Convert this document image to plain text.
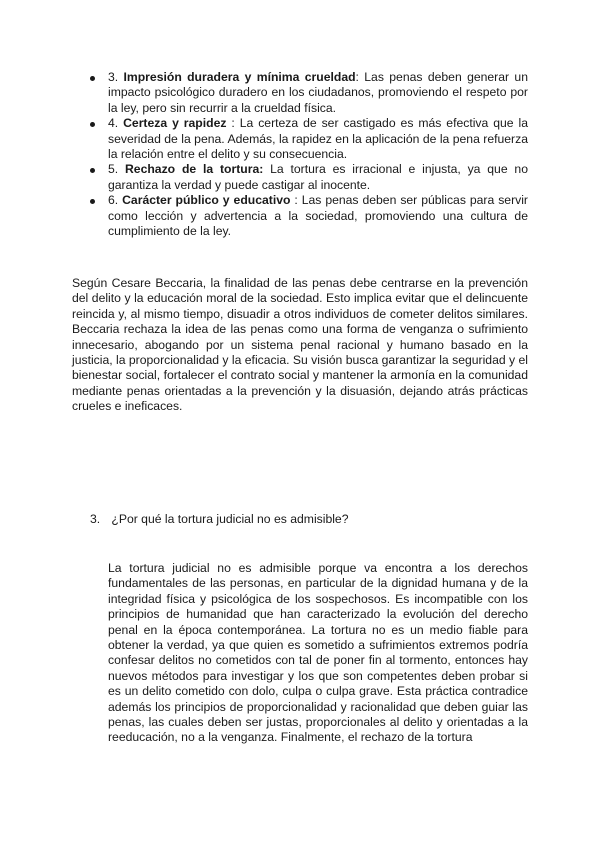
3. Impresión duradera y mínima crueldad: Las penas deben generar un impacto psicológico duradero en los ciudadanos, promoviendo el respeto por la ley, pero sin recurrir a la crueldad física.
4. Certeza y rapidez : La certeza de ser castigado es más efectiva que la severidad de la pena. Además, la rapidez en la aplicación de la pena refuerza la relación entre el delito y su consecuencia.
5. Rechazo de la tortura: La tortura es irracional e injusta, ya que no garantiza la verdad y puede castigar al inocente.
6. Carácter público y educativo : Las penas deben ser públicas para servir como lección y advertencia a la sociedad, promoviendo una cultura de cumplimiento de la ley.

Según Cesare Beccaria, la finalidad de las penas debe centrarse en la prevención del delito y la educación moral de la sociedad. Esto implica evitar que el delincuente reincida y, al mismo tiempo, disuadir a otros individuos de cometer delitos similares. Beccaria rechaza la idea de las penas como una forma de venganza o sufrimiento innecesario, abogando por un sistema penal racional y humano basado en la justicia, la proporcionalidad y la eficacia. Su visión busca garantizar la seguridad y el bienestar social, fortalecer el contrato social y mantener la armonía en la comunidad mediante penas orientadas a la prevención y la disuasión, dejando atrás prácticas crueles e ineficaces.

3. ¿Por qué la tortura judicial no es admisible?

La tortura judicial no es admisible porque va encontra a los derechos fundamentales de las personas, en particular de la dignidad humana y de la integridad física y psicológica de los sospechosos. Es incompatible con los principios de humanidad que han caracterizado la evolución del derecho penal en la época contemporánea. La tortura no es un medio fiable para obtener la verdad, ya que quien es sometido a sufrimientos extremos podría confesar delitos no cometidos con tal de poner fin al tormento, entonces hay nuevos métodos para investigar y los que son competentes deben probar si es un delito cometido con dolo, culpa o culpa grave. Esta práctica contradice además los principios de proporcionalidad y racionalidad que deben guiar las penas, las cuales deben ser justas, proporcionales al delito y orientadas a la reeducación, no a la venganza. Finalmente, el rechazo de la tortura
